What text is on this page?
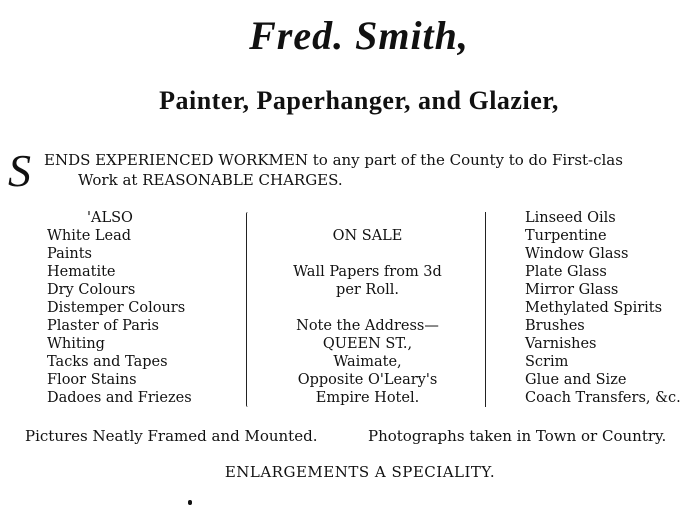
Fred. Smith,
Painter, Paperhanger, and Glazier,
S ENDS EXPERIENCED WORKMEN to any part of the County to do First-clas
Work at REASONABLE CHARGES.
'ALSO
White Lead
Paints
Hematite
Dry Colours
Distemper Colours
Plaster of Paris
Whiting
Tacks and Tapes
Floor Stains
Dadoes and Friezes
ON SALE
Wall Papers from 3d
per Roll.
Note the Address—
QUEEN ST.,
Waimate,
Opposite O'Leary's
Empire Hotel.
Linseed Oils
Turpentine
Window Glass
Plate Glass
Mirror Glass
Methylated Spirits
Brushes
Varnishes
Scrim
Glue and Size
Coach Transfers, &c.
Pictures Neatly Framed and Mounted.	Photographs taken in Town or Country.
ENLARGEMENTS A SPECIALITY.
